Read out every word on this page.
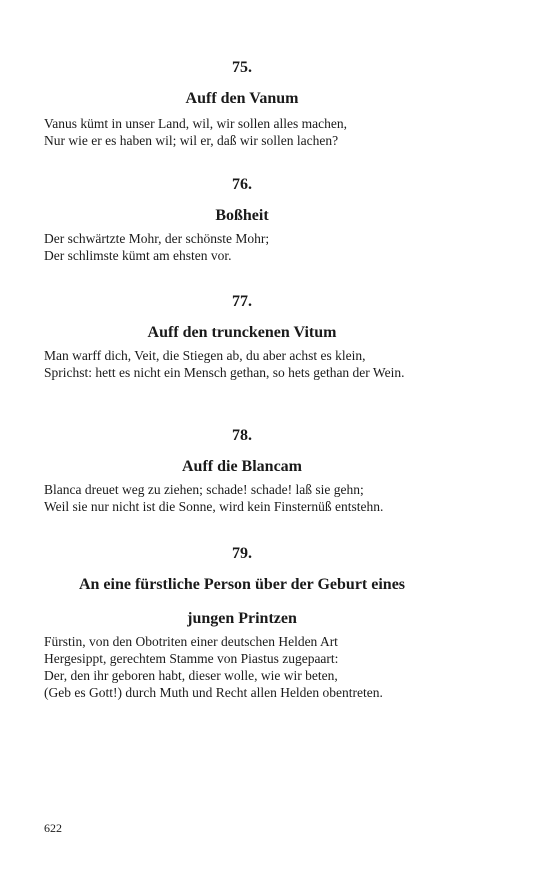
75.
Auff den Vanum
Vanus kümt in unser Land, wil, wir sollen alles machen,
Nur wie er es haben wil; wil er, daß wir sollen lachen?
76.
Boßheit
Der schwärtzte Mohr, der schönste Mohr;
Der schlimste kümt am ehsten vor.
77.
Auff den trunckenen Vitum
Man warff dich, Veit, die Stiegen ab, du aber achst es klein,
Sprichst: hett es nicht ein Mensch gethan, so hets gethan der Wein.
78.
Auff die Blancam
Blanca dreuet weg zu ziehen; schade! schade! laß sie gehn;
Weil sie nur nicht ist die Sonne, wird kein Finsternüß entstehn.
79.
An eine fürstliche Person über der Geburt eines
jungen Printzen
Fürstin, von den Obotriten einer deutschen Helden Art
Hergesippt, gerechtem Stamme von Piastus zugepaart:
Der, den ihr geboren habt, dieser wolle, wie wir beten,
(Geb es Gott!) durch Muth und Recht allen Helden obentreten.
622
